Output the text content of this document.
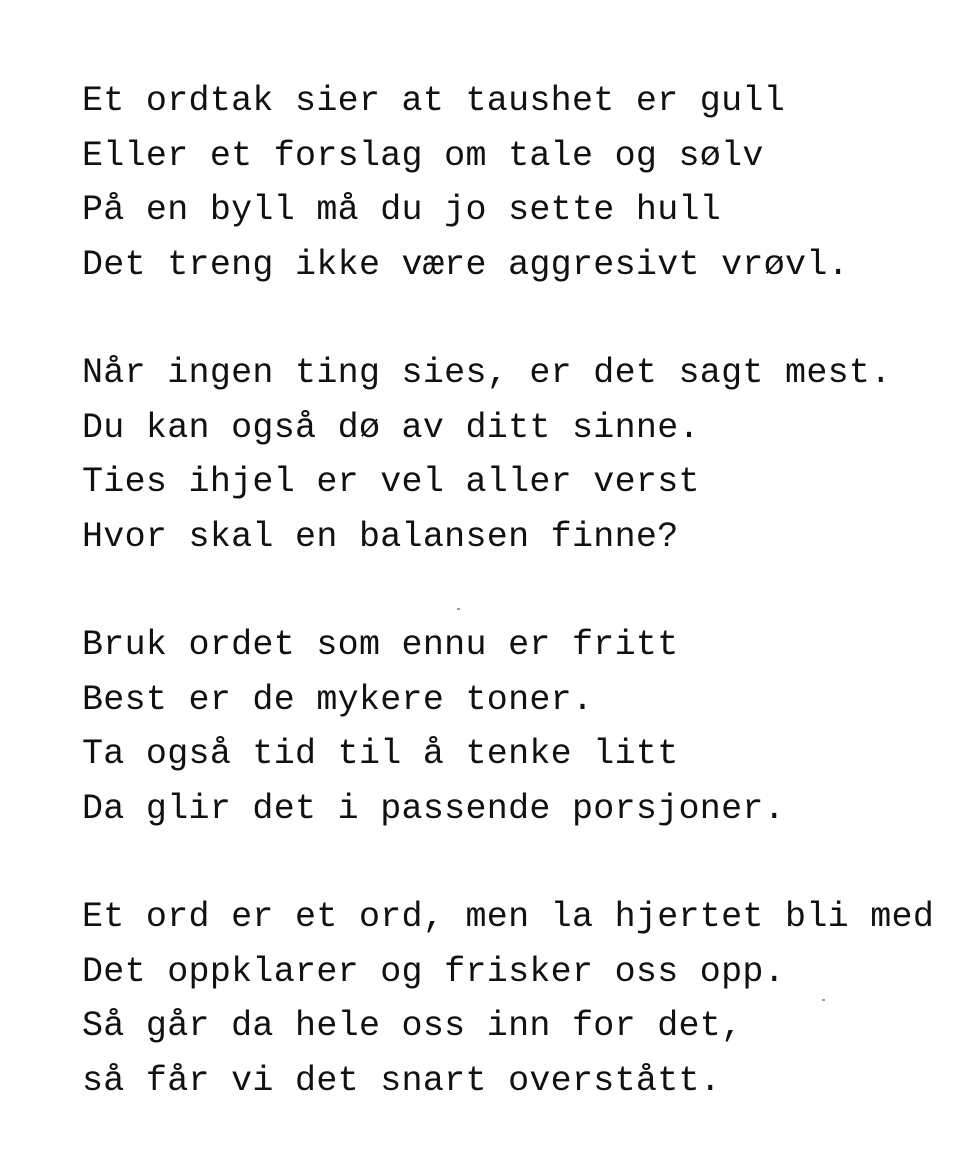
Et ordtak sier at taushet er gull
Eller et forslag om tale og sølv
På en byll må du jo sette hull
Det treng ikke være aggresivt vrøvl.
Når ingen ting sies, er det sagt mest.
Du kan også dø av ditt sinne.
Ties ihjel er vel aller verst
Hvor skal en balansen finne?
Bruk ordet som ennu er fritt
Best er de mykere toner.
Ta også tid til å tenke litt
Da glir det i passende porsjoner.
Et ord er et ord, men la hjertet bli med
Det oppklarer og frisker oss opp.
Så går da hele oss inn for det,
så får vi det snart overstått.
